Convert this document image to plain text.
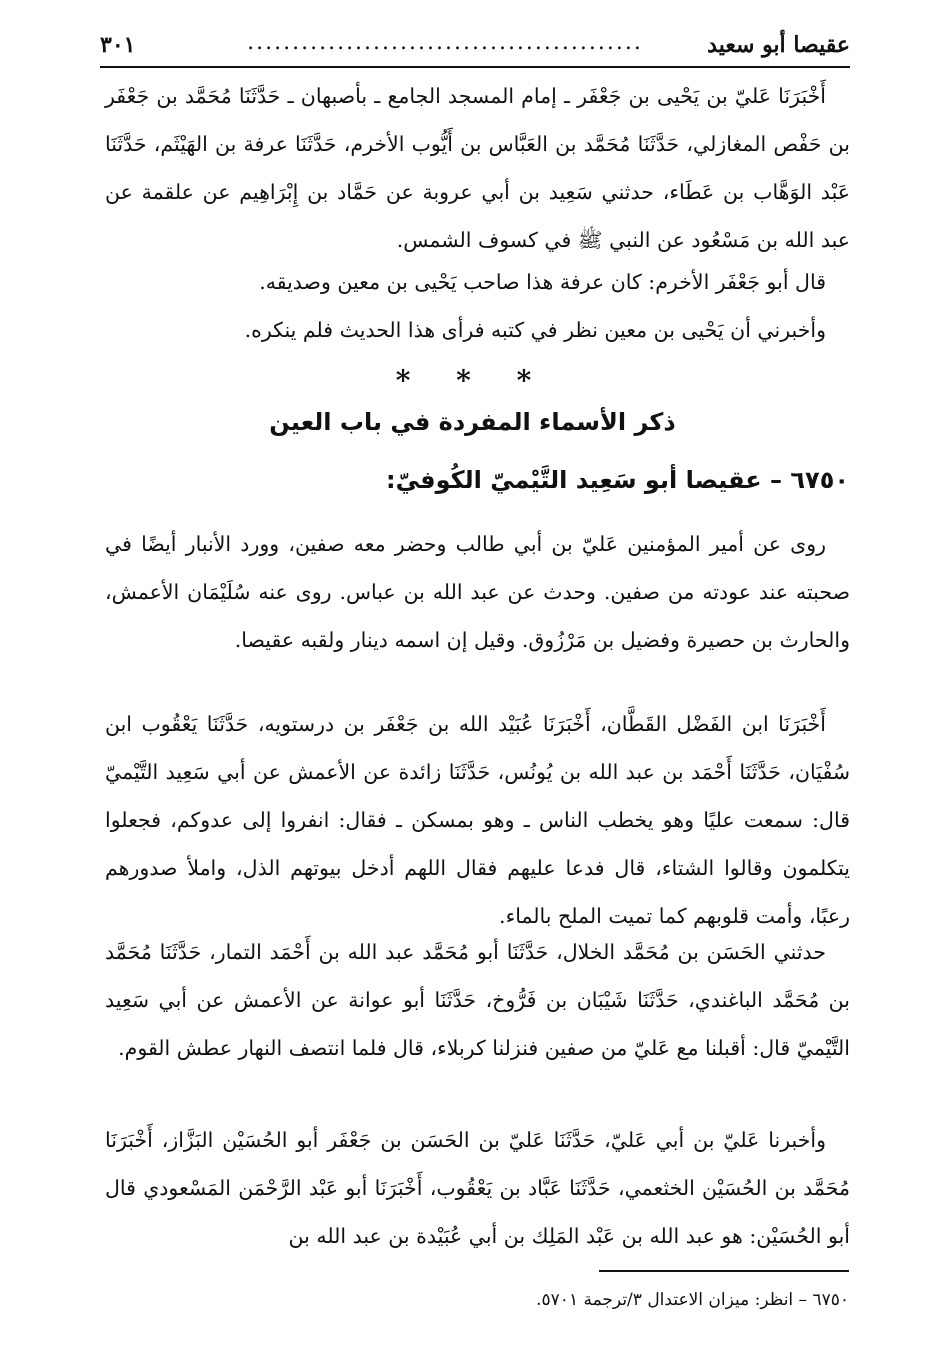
عقيصا أبو سعيد
............................................
٣٠١

أَخْبَرَنَا عَليّ بن يَحْيى بن جَعْفَر ـ إمام المسجد الجامع ـ بأصبهان ـ حَدَّثَنَا مُحَمَّد بن جَعْفَر بن حَفْص المغازلي، حَدَّثَنَا مُحَمَّد بن العَبَّاس بن أَيُّوب الأخرم، حَدَّثَنَا عرفة بن الهَيْثَم، حَدَّثَنَا عَبْد الوَهَّاب بن عَطَاء، حدثني سَعِيد بن أبي عروبة عن حَمَّاد بن إِبْرَاهِيم عن علقمة عن عبد الله بن مَسْعُود عن النبي ﷺ في كسوف الشمس.

قال أبو جَعْفَر الأخرم: كان عرفة هذا صاحب يَحْيى بن معين وصديقه.

وأخبرني أن يَحْيى بن معين نظر في كتبه فرأى هذا الحديث فلم ينكره.

* * *
ذكر الأسماء المفردة في باب العين
٦٧٥٠ – عقيصا أبو سَعِيد التَّيْميّ الكُوفيّ:

روى عن أمير المؤمنين عَليّ بن أبي طالب وحضر معه صفين، وورد الأنبار أيضًا في صحبته عند عودته من صفين. وحدث عن عبد الله بن عباس. روى عنه سُلَيْمَان الأعمش، والحارث بن حصيرة وفضيل بن مَرْزُوق. وقيل إن اسمه دينار ولقبه عقيصا.

أَخْبَرَنَا ابن الفَضْل القَطَّان، أَخْبَرَنَا عُبَيْد الله بن جَعْفَر بن درستويه، حَدَّثَنَا يَعْقُوب ابن سُفْيَان، حَدَّثَنَا أَحْمَد بن عبد الله بن يُونُس، حَدَّثَنَا زائدة عن الأعمش عن أبي سَعِيد التَّيْميّ قال: سمعت عليًا وهو يخطب الناس ـ وهو بمسكن ـ فقال: انفروا إلى عدوكم، فجعلوا يتكلمون وقالوا الشتاء، قال فدعا عليهم فقال اللهم أدخل بيوتهم الذل، واملأ صدورهم رعبًا، وأمت قلوبهم كما تميت الملح بالماء.

حدثني الحَسَن بن مُحَمَّد الخلال، حَدَّثَنَا أبو مُحَمَّد عبد الله بن أَحْمَد التمار، حَدَّثَنَا مُحَمَّد بن مُحَمَّد الباغندي، حَدَّثَنَا شَيْبَان بن فَرُّوخ، حَدَّثَنَا أبو عوانة عن الأعمش عن أبي سَعِيد التَّيْميّ قال: أقبلنا مع عَليّ من صفين فنزلنا كربلاء، قال فلما انتصف النهار عطش القوم.

وأخبرنا عَليّ بن أبي عَليّ، حَدَّثَنَا عَليّ بن الحَسَن بن جَعْفَر أبو الحُسَيْن البَزَّاز، أَخْبَرَنَا مُحَمَّد بن الحُسَيْن الخثعمي، حَدَّثَنَا عَبَّاد بن يَعْقُوب، أَخْبَرَنَا أبو عَبْد الرَّحْمَن المَسْعودي قال أبو الحُسَيْن: هو عبد الله بن عَبْد المَلِك بن أبي عُبَيْدة بن عبد الله بن

٦٧٥٠ – انظر: ميزان الاعتدال ٣/ترجمة ٥٧٠١.
